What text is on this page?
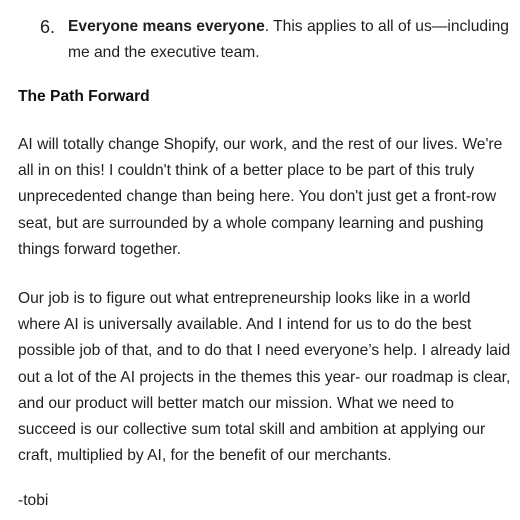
6. Everyone means everyone. This applies to all of us—including me and the executive team.
The Path Forward

AI will totally change Shopify, our work, and the rest of our lives. We're all in on this! I couldn't think of a better place to be part of this truly unprecedented change than being here. You don't just get a front-row seat, but are surrounded by a whole company learning and pushing things forward together.

Our job is to figure out what entrepreneurship looks like in a world where AI is universally available. And I intend for us to do the best possible job of that, and to do that I need everyone’s help. I already laid out a lot of the AI projects in the themes this year- our roadmap is clear, and our product will better match our mission. What we need to succeed is our collective sum total skill and ambition at applying our craft, multiplied by AI, for the benefit of our merchants.

-tobi
